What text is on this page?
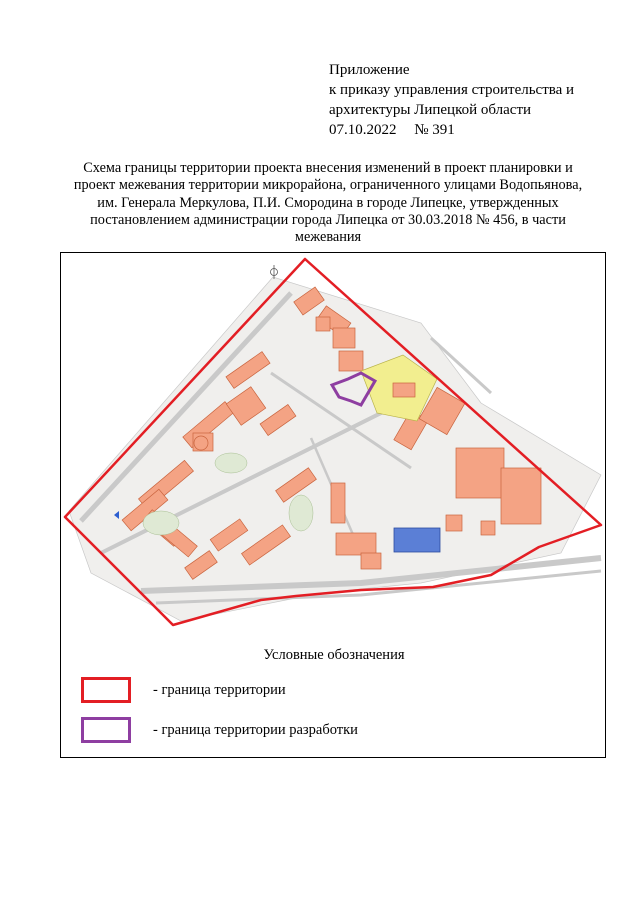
Приложение
к приказу управления строительства и
архитектуры Липецкой области
07.10.2022 № 391
Схема границы территории проекта внесения изменений в проект планировки и
проект межевания территории микрорайона, ограниченного улицами Водопьянова,
им. Генерала Меркулова, П.И. Смородина в городе Липецке, утвержденных
постановлением администрации города Липецка от 30.03.2018 № 456, в части
межевания
Условные обозначения
- граница территории
- граница территории разработки
